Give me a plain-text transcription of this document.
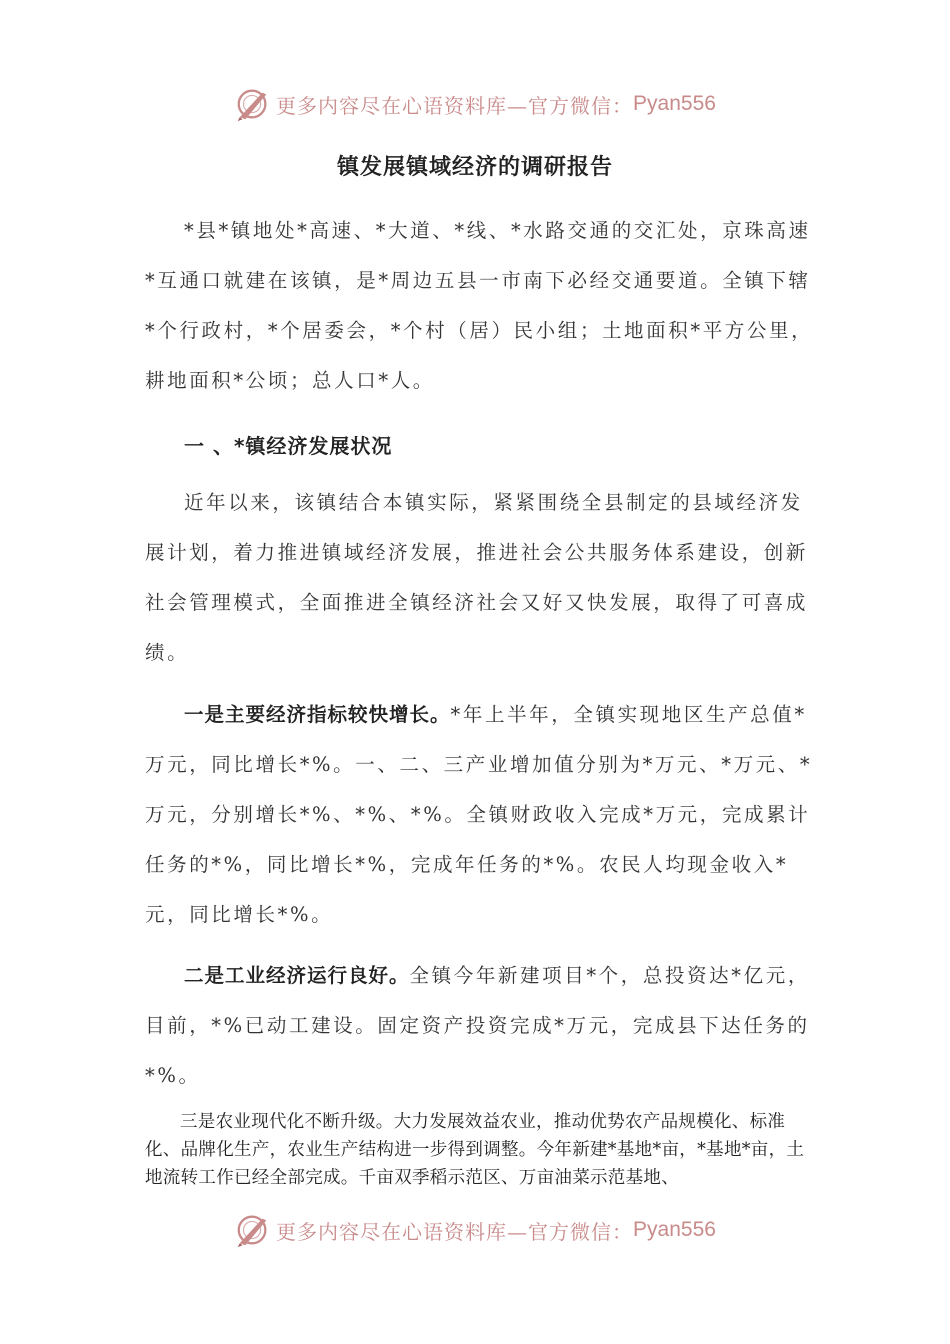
更多内容尽在心语资料库—官方微信： Pyan556
镇发展镇域经济的调研报告

*县*镇地处*高速、*大道、*线、*水路交通的交汇处，京珠高速*互通口就建在该镇，是*周边五县一市南下必经交通要道。全镇下辖*个行政村，*个居委会，*个村（居）民小组；土地面积*平方公里，耕地面积*公顷；总人口*人。

一 、*镇经济发展状况

近年以来，该镇结合本镇实际，紧紧围绕全县制定的县域经济发展计划，着力推进镇域经济发展，推进社会公共服务体系建设，创新社会管理模式，全面推进全镇经济社会又好又快发展，取得了可喜成绩。

一是主要经济指标较快增长。*年上半年，全镇实现地区生产总值*万元，同比增长*%。一、二、三产业增加值分别为*万元、*万元、*万元，分别增长*%、*%、*%。全镇财政收入完成*万元，完成累计任务的*%，同比增长*%，完成年任务的*%。农民人均现金收入*元，同比增长*%。

二是工业经济运行良好。全镇今年新建项目*个，总投资达*亿元，目前，*%已动工建设。固定资产投资完成*万元，完成县下达任务的*%。

三是农业现代化不断升级。大力发展效益农业，推动优势农产品规模化、标准化、品牌化生产，农业生产结构进一步得到调整。今年新建*基地*亩，*基地*亩，土地流转工作已经全部完成。千亩双季稻示范区、万亩油菜示范基地、

更多内容尽在心语资料库—官方微信： Pyan556
